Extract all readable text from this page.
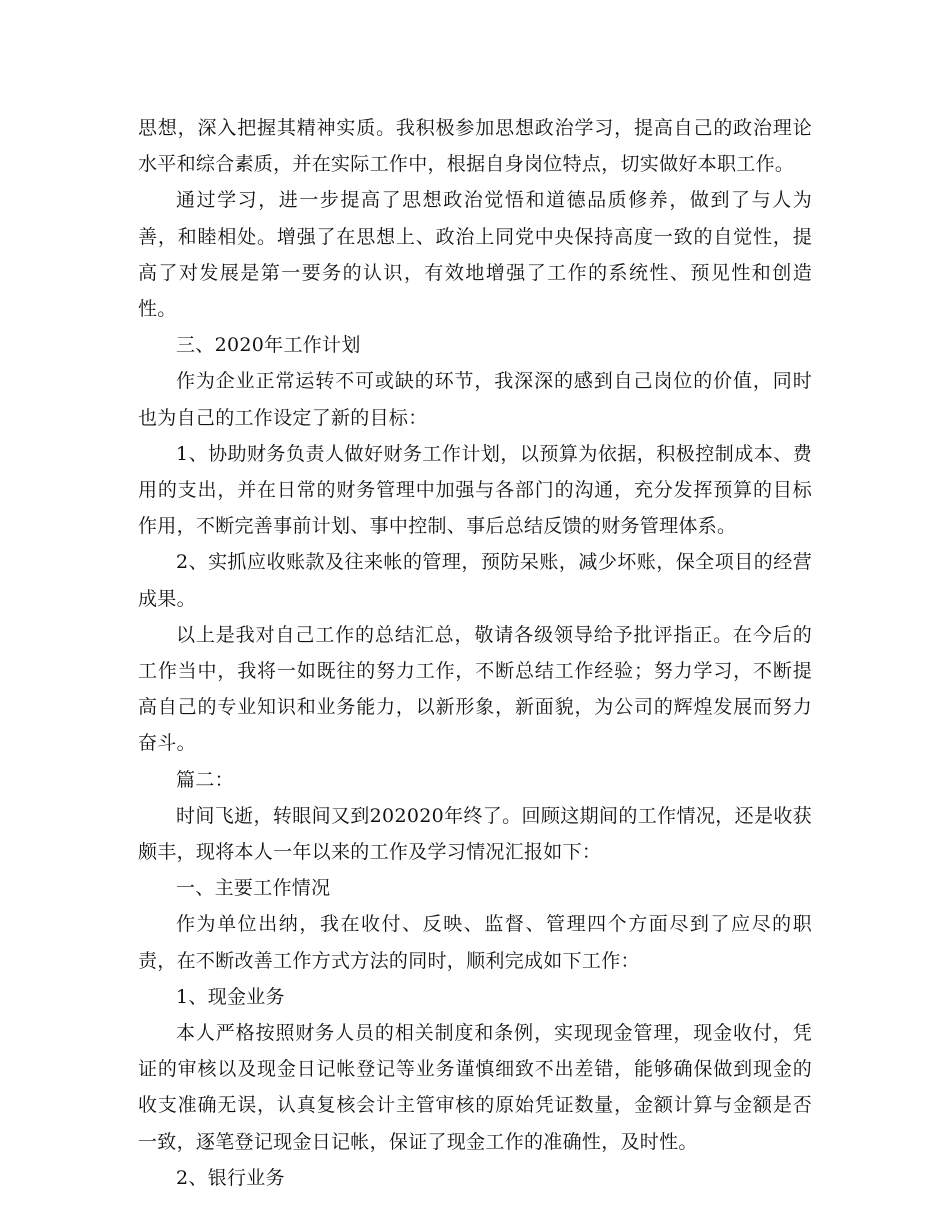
思想，深入把握其精神实质。我积极参加思想政治学习，提高自己的政治理论水平和综合素质，并在实际工作中，根据自身岗位特点，切实做好本职工作。

通过学习，进一步提高了思想政治觉悟和道德品质修养，做到了与人为善，和睦相处。增强了在思想上、政治上同党中央保持高度一致的自觉性，提高了对发展是第一要务的认识，有效地增强了工作的系统性、预见性和创造性。

三、2020年工作计划

作为企业正常运转不可或缺的环节，我深深的感到自己岗位的价值，同时也为自己的工作设定了新的目标：

1、协助财务负责人做好财务工作计划，以预算为依据，积极控制成本、费用的支出，并在日常的财务管理中加强与各部门的沟通，充分发挥预算的目标作用，不断完善事前计划、事中控制、事后总结反馈的财务管理体系。

2、实抓应收账款及往来帐的管理，预防呆账，减少坏账，保全项目的经营成果。

以上是我对自己工作的总结汇总，敬请各级领导给予批评指正。在今后的工作当中，我将一如既往的努力工作，不断总结工作经验；努力学习，不断提高自己的专业知识和业务能力，以新形象，新面貌，为公司的辉煌发展而努力奋斗。

篇二：

时间飞逝，转眼间又到202020年终了。回顾这期间的工作情况，还是收获颇丰，现将本人一年以来的工作及学习情况汇报如下：

一、主要工作情况

作为单位出纳，我在收付、反映、监督、管理四个方面尽到了应尽的职责，在不断改善工作方式方法的同时，顺利完成如下工作：

1、现金业务

本人严格按照财务人员的相关制度和条例，实现现金管理，现金收付，凭证的审核以及现金日记帐登记等业务谨慎细致不出差错，能够确保做到现金的收支准确无误，认真复核会计主管审核的原始凭证数量，金额计算与金额是否一致，逐笔登记现金日记帐，保证了现金工作的准确性，及时性。

2、银行业务
